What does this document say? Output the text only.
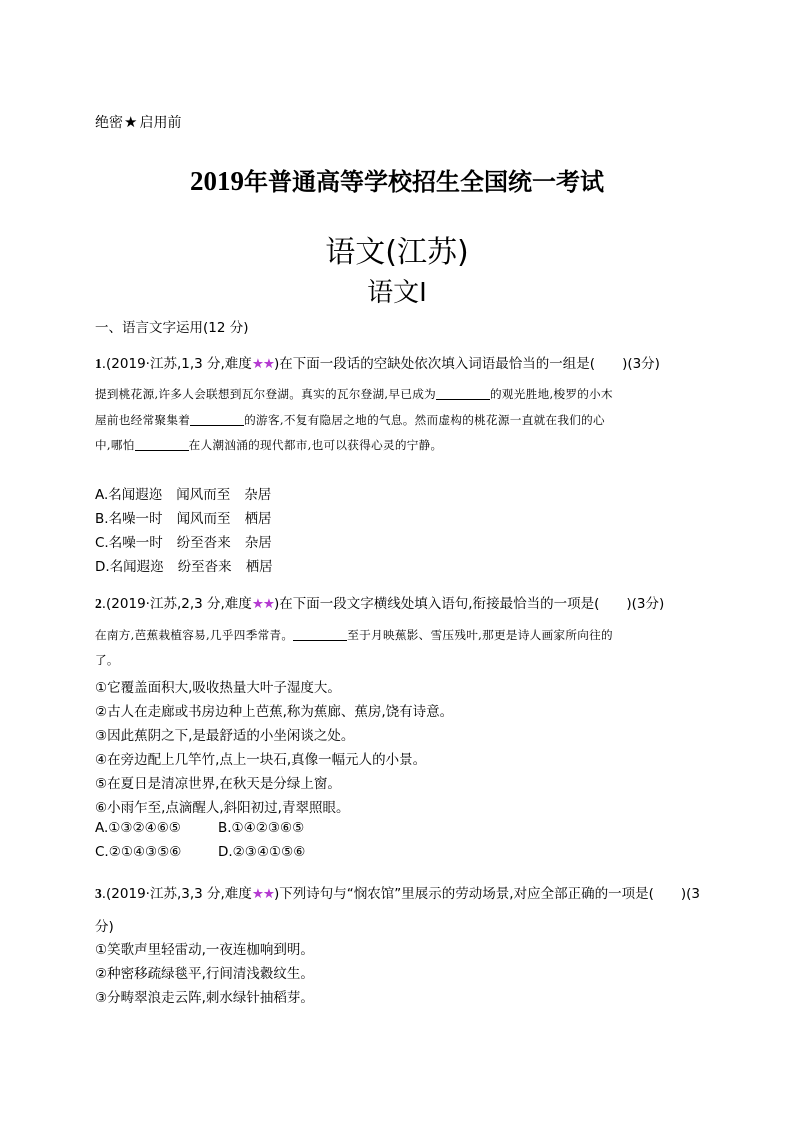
绝密★ 启用前
2019年普通高等学校招生全国统一考试
语文(江苏)
语文Ⅰ
一、语言文字运用(12 分)
1.(2019·江苏,1,3 分,难度★★)在下面一段话的空缺处依次填入词语最恰当的一组是(　　)(3分)
提到桃花源,许多人会联想到瓦尔登湖。真实的瓦尔登湖,早已成为	的观光胜地,梭罗的小木
屋前也经常聚集着	的游客,不复有隐居之地的气息。然而虚构的桃花源一直就在我们的心
中,哪怕	在人潮汹涌的现代都市,也可以获得心灵的宁静。
A.名闻遐迩 闻风而至 杂居
B.名噪一时 闻风而至 栖居
C.名噪一时 纷至沓来 杂居
D.名闻遐迩 纷至沓来 栖居
2.(2019·江苏,2,3 分,难度★★)在下面一段文字横线处填入语句,衔接最恰当的一项是(　　)(3分)
在南方,芭蕉栽植容易,几乎四季常青。	至于月映蕉影、雪压残叶,那更是诗人画家所向往的
了。
①它覆盖面积大,吸收热量大叶子湿度大。
②古人在走廊或书房边种上芭蕉,称为蕉廊、蕉房,饶有诗意。
③因此蕉阴之下,是最舒适的小坐闲谈之处。
④在旁边配上几竿竹,点上一块石,真像一幅元人的小景。
⑤在夏日是清凉世界,在秋天是分绿上窗。
⑥小雨乍至,点滴醒人,斜阳初过,青翠照眼。
A.①③②④⑥⑤	B.①④②③⑥⑤
C.②①④③⑤⑥	D.②③④①⑤⑥
3.(2019·江苏,3,3 分,难度★★)下列诗句与“悯农馆”里展示的劳动场景,对应全部正确的一项是(　　)(3
分)
①笑歌声里轻雷动,一夜连枷响到明。
②种密移疏绿毯平,行间清浅縠纹生。
③分畴翠浪走云阵,刺水绿针抽稻芽。
